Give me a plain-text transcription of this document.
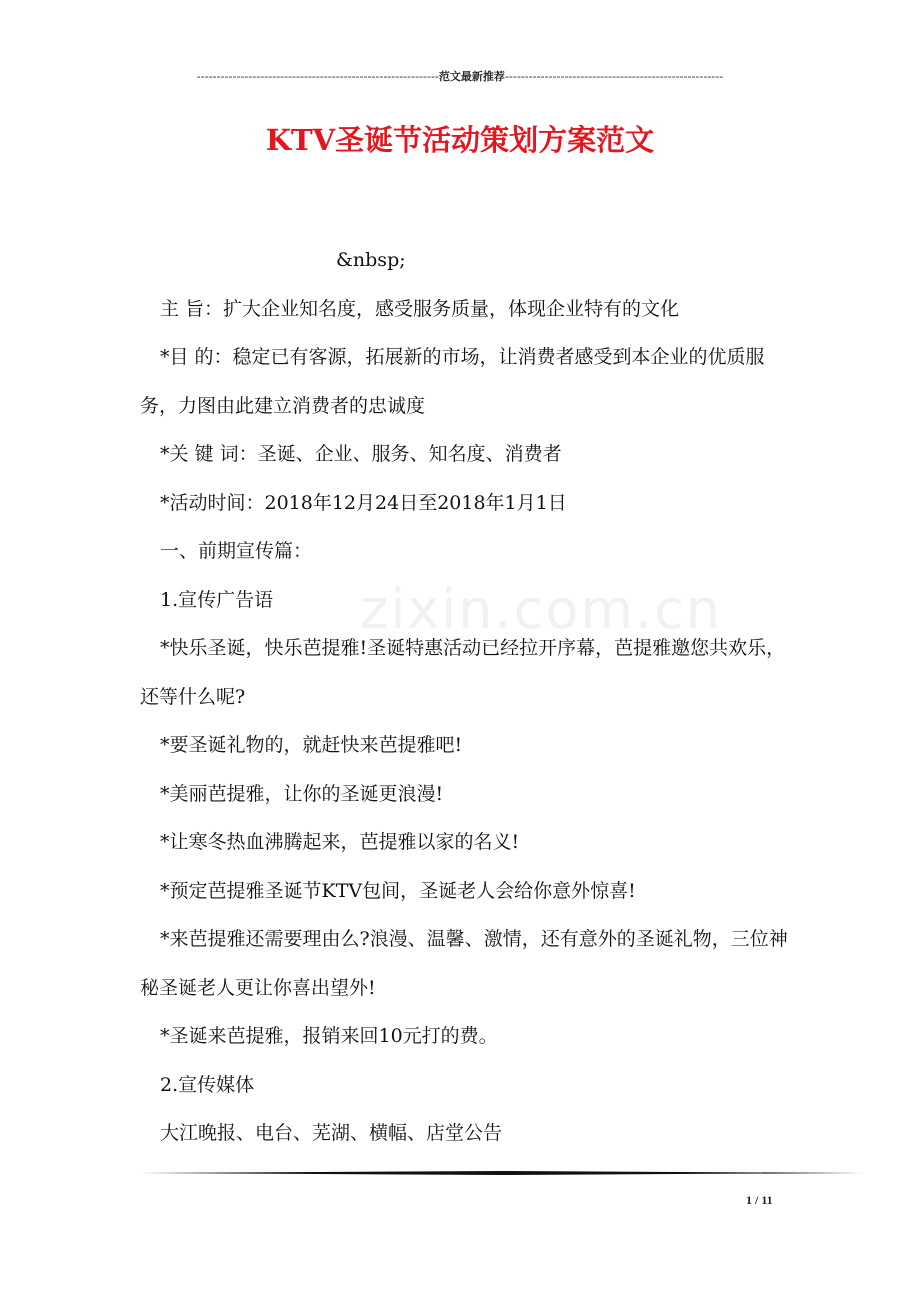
-------------------------------------------------------------范文最新推荐-------------------------------------------------------
KTV圣诞节活动策划方案范文
zixin.com.cn

&nbsp;

主 旨：扩大企业知名度，感受服务质量，体现企业特有的文化

*目 的：稳定已有客源，拓展新的市场，让消费者感受到本企业的优质服务，力图由此建立消费者的忠诚度

*关 键 词：圣诞、企业、服务、知名度、消费者

*活动时间：2018年12月24日至2018年1月1日

一、前期宣传篇：

1.宣传广告语

*快乐圣诞，快乐芭提雅!圣诞特惠活动已经拉开序幕，芭提雅邀您共欢乐，还等什么呢?

*要圣诞礼物的，就赶快来芭提雅吧!

*美丽芭提雅，让你的圣诞更浪漫!

*让寒冬热血沸腾起来，芭提雅以家的名义!

*预定芭提雅圣诞节KTV包间，圣诞老人会给你意外惊喜!

*来芭提雅还需要理由么?浪漫、温馨、激情，还有意外的圣诞礼物，三位神秘圣诞老人更让你喜出望外!

*圣诞来芭提雅，报销来回10元打的费。

2.宣传媒体

大江晚报、电台、芜湖、横幅、店堂公告

1 / 11
